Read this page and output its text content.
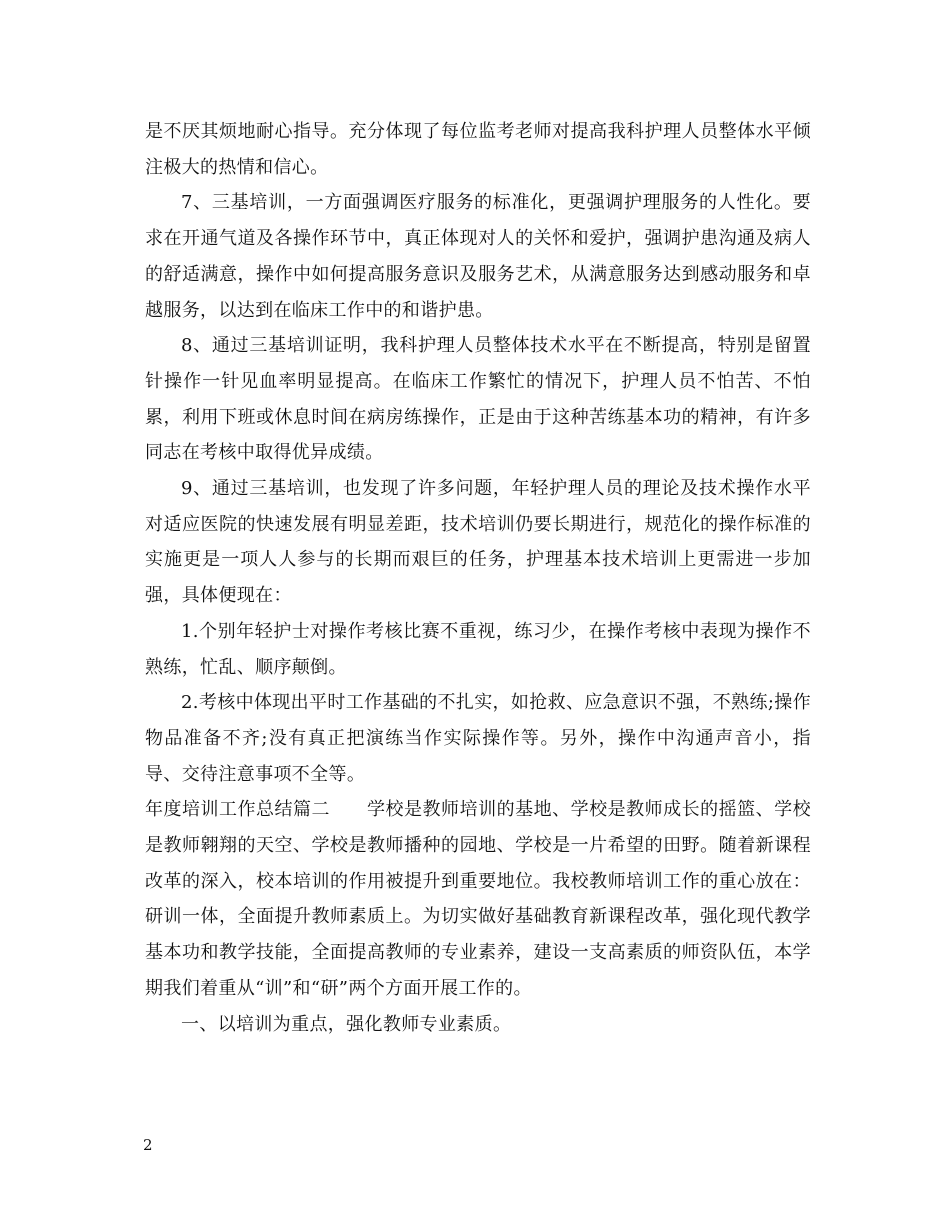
是不厌其烦地耐心指导。充分体现了每位监考老师对提高我科护理人员整体水平倾注极大的热情和信心。

7、三基培训，一方面强调医疗服务的标准化，更强调护理服务的人性化。要求在开通气道及各操作环节中，真正体现对人的关怀和爱护，强调护患沟通及病人的舒适满意，操作中如何提高服务意识及服务艺术，从满意服务达到感动服务和卓越服务，以达到在临床工作中的和谐护患。

8、通过三基培训证明，我科护理人员整体技术水平在不断提高，特别是留置针操作一针见血率明显提高。在临床工作繁忙的情况下，护理人员不怕苦、不怕累，利用下班或休息时间在病房练操作，正是由于这种苦练基本功的精神，有许多同志在考核中取得优异成绩。

9、通过三基培训，也发现了许多问题，年轻护理人员的理论及技术操作水平对适应医院的快速发展有明显差距，技术培训仍要长期进行，规范化的操作标准的实施更是一项人人参与的长期而艰巨的任务，护理基本技术培训上更需进一步加强，具体便现在：

1.个别年轻护士对操作考核比赛不重视，练习少，在操作考核中表现为操作不熟练，忙乱、顺序颠倒。

2.考核中体现出平时工作基础的不扎实，如抢救、应急意识不强，不熟练;操作物品准备不齐;没有真正把演练当作实际操作等。另外，操作中沟通声音小，指导、交待注意事项不全等。

年度培训工作总结篇二　　学校是教师培训的基地、学校是教师成长的摇篮、学校是教师翱翔的天空、学校是教师播种的园地、学校是一片希望的田野。随着新课程改革的深入，校本培训的作用被提升到重要地位。我校教师培训工作的重心放在：研训一体，全面提升教师素质上。为切实做好基础教育新课程改革，强化现代教学基本功和教学技能，全面提高教师的专业素养，建设一支高素质的师资队伍，本学期我们着重从“训”和“研”两个方面开展工作的。

一、以培训为重点，强化教师专业素质。

2
